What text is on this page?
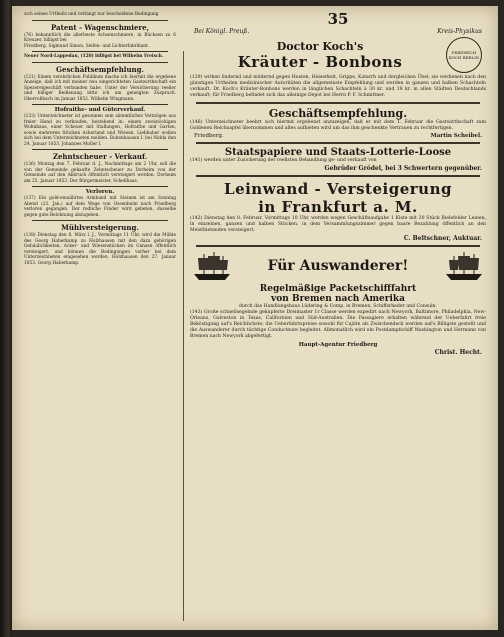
sich seines Urtheils und verlangt nur bescheidene Bedingung

Patent - Wagenschmiere,

(76) bekanntlich die allerbeste Achsenschmiere, in Büchsen zu 6 Kreuzer, billigst bei

Friedberg. Sigmund Simon, Seifen- und Lichterfabrikant.

Neuer Nord-Lappedan, (120) billigst bei Wilhelm Freisch.

Geschäftsempfehlung.

(121) Einem verehrlichen Publikum mache ich hiermit die ergebene Anzeige, daß ich mit meiner neu eingerichteten Gastwirthschaft ein Spezereigeschäft verbunden habe. Unter der Versicherung reeller und billiger Bedienung bitte ich um geneigten Zuspruch. Oberroßbach im Januar 1853. Wilhelm Wingmann.

Hofraithe- und Güterverkauf.

(133) Unterzeichneter ist gesonnen sein sämmtliches Vermögen aus freier Hand zu verkaufen, bestehend in: einem zweistöckigen Wohnhaus, einer Scheuer mit Stallungen, Hofraithe und Garten, sowie mehreren Stücken Ackerland und Wiesen. Liebhaber wollen sich bei dem Unterzeichneten melden. Bobenhausen I. bei Nidda den 24. Januar 1853. Johannes Moller I.

Zehntscheuer - Verkauf.

(136) Montag den 7. Februar d. J., Nachmittags um 2 Uhr, soll die von der Gemeinde gekaufte Zehntscheuer zu Dorheim von der Gemeinde auf den Abbruch öffentlich versteigert werden. Dorheim am 25. Januar 1853. Der Bürgermeister, Schellhaas.

Verloren.

(137) Ein gold-emaillirtes Armband mit Steinen ist am Sonntag Abend (23. Jan.) auf dem Wege von Ossenheim nach Friedberg verloren gegangen. Der redliche Finder wird gebeten, dasselbe gegen gute Belohnung abzugeben.

Mühlversteigerung.

(138) Dienstag den 8. März l. J., Vormittags 11 Uhr, wird die Mühle des Georg Haberkamp zu Holzhausen mit den dazu gehörigen Gebäulichkeiten, Acker- und Wiesenstücken im Ganzen öffentlich versteigert, und können die Bedingungen vorher bei dem Unterzeichneten eingesehen werden. Holzhausen den 27. Januar 1853. Georg Haberkamp.

35
Bei Königl. Preuß.	Kreis-Physikus
Doctor Koch's
Kräuter - Bonbons	FRIEDRICH KOCH BERLIN

(129) wirken lindernd und mildernd gegen Husten, Heiserkeit, Grippe, Katarrh und dergleichen Übel; sie verdienen nach den günstigen Urtheilen medizinischer Autoritäten die allgemeinste Empfehlung und werden in ganzen und halben Schachteln verkauft. Dr. Koch's Kräuter-Bonbons werden in länglichen Schachteln à 30 kr. und 18 kr. in allen Städten Deutschlands verkauft; für Friedberg befindet sich das alleinige Depot bei Herrn P. F. Schmittner.

Geschäftsempfehlung.

(146) Unterzeichneter beehrt sich hiermit ergebenst anzuzeigen, daß er mit dem 1. Februar die Gastwirthschaft zum Goldenen Reichsapfel übernommen und alles aufbieten wird um das ihm geschenkte Vertrauen zu rechtfertigen.

Friedberg.	Martin Scheibel.
Staatspapiere und Staats-Lotterie-Loose

(141) werden unter Zusicherung der reellsten Behandlung ge- und verkauft von

Gebrüder Grödel, bei 3 Schwertern gegenüber.
Leinwand - Versteigerung
in Frankfurt a. M.

(142) Dienstag den 8. Februar, Vormittags 10 Uhr, werden wegen Geschäftsaufgabe 1 Kiste mit 30 Stück Bielefelder Leinen, in einzelnen, ganzen und halben Stücken, in dem Versammlungszimmer gegen baare Bezahlung öffentlich an den Meistbietenden versteigert.

C. Beltschner, Auktuar.
Für Auswanderer!
Regelmäßige Packetschifffahrt
von Bremen nach Amerika

durch das Handlungshaus Lüdering & Comp. in Bremen, Schiffsrheder und Consuln.

(143) Große schnellsegelnde gekupferte Dreimaster 1r Classe werden expedirt nach Newyork, Baltimore, Philadelphia, New-Orleans, Galveston in Texas, Californien und Süd-Australien. Die Passagiere erhalten während der Ueberfahrt freie Beköstigung auf's Reichlichste; die Ueberfahrtspreise sowohl für Cajüte als Zwischendeck werden auf's Billigste gestellt und die Auswanderer durch tüchtige Conducteure begleitet. Allmonatlich wird ein Postdampfschiff Washington und Hermann von Bremen nach Newyork abgefertigt.

Haupt-Agentur Friedberg
Christ. Hecht.
